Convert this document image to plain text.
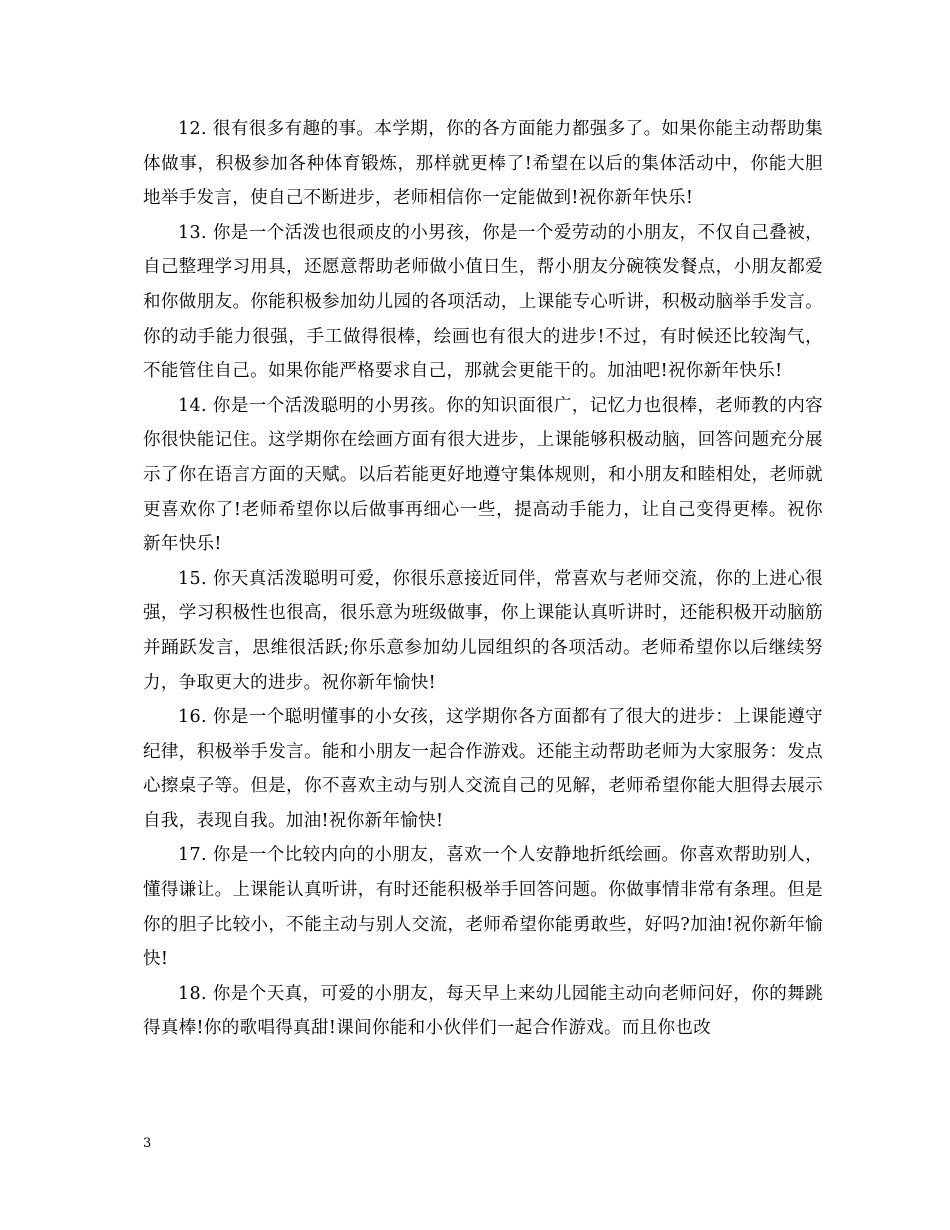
12. 很有很多有趣的事。本学期，你的各方面能力都强多了。如果你能主动帮助集体做事，积极参加各种体育锻炼，那样就更棒了!希望在以后的集体活动中，你能大胆地举手发言，使自己不断进步，老师相信你一定能做到!祝你新年快乐!

13. 你是一个活泼也很顽皮的小男孩，你是一个爱劳动的小朋友，不仅自己叠被，自己整理学习用具，还愿意帮助老师做小值日生，帮小朋友分碗筷发餐点，小朋友都爱和你做朋友。你能积极参加幼儿园的各项活动，上课能专心听讲，积极动脑举手发言。你的动手能力很强，手工做得很棒，绘画也有很大的进步!不过，有时候还比较淘气，不能管住自己。如果你能严格要求自己，那就会更能干的。加油吧!祝你新年快乐!

14. 你是一个活泼聪明的小男孩。你的知识面很广，记忆力也很棒，老师教的内容你很快能记住。这学期你在绘画方面有很大进步，上课能够积极动脑，回答问题充分展示了你在语言方面的天赋。以后若能更好地遵守集体规则，和小朋友和睦相处，老师就更喜欢你了!老师希望你以后做事再细心一些，提高动手能力，让自己变得更棒。祝你新年快乐!

15. 你天真活泼聪明可爱，你很乐意接近同伴，常喜欢与老师交流，你的上进心很强，学习积极性也很高，很乐意为班级做事，你上课能认真听讲时，还能积极开动脑筋并踊跃发言，思维很活跃;你乐意参加幼儿园组织的各项活动。老师希望你以后继续努力，争取更大的进步。祝你新年愉快!

16. 你是一个聪明懂事的小女孩，这学期你各方面都有了很大的进步：上课能遵守纪律，积极举手发言。能和小朋友一起合作游戏。还能主动帮助老师为大家服务：发点心擦桌子等。但是，你不喜欢主动与别人交流自己的见解，老师希望你能大胆得去展示自我，表现自我。加油!祝你新年愉快!

17. 你是一个比较内向的小朋友，喜欢一个人安静地折纸绘画。你喜欢帮助别人，懂得谦让。上课能认真听讲，有时还能积极举手回答问题。你做事情非常有条理。但是你的胆子比较小，不能主动与别人交流，老师希望你能勇敢些，好吗?加油!祝你新年愉快!

18. 你是个天真，可爱的小朋友，每天早上来幼儿园能主动向老师问好，你的舞跳得真棒!你的歌唱得真甜!课间你能和小伙伴们一起合作游戏。而且你也改

3
